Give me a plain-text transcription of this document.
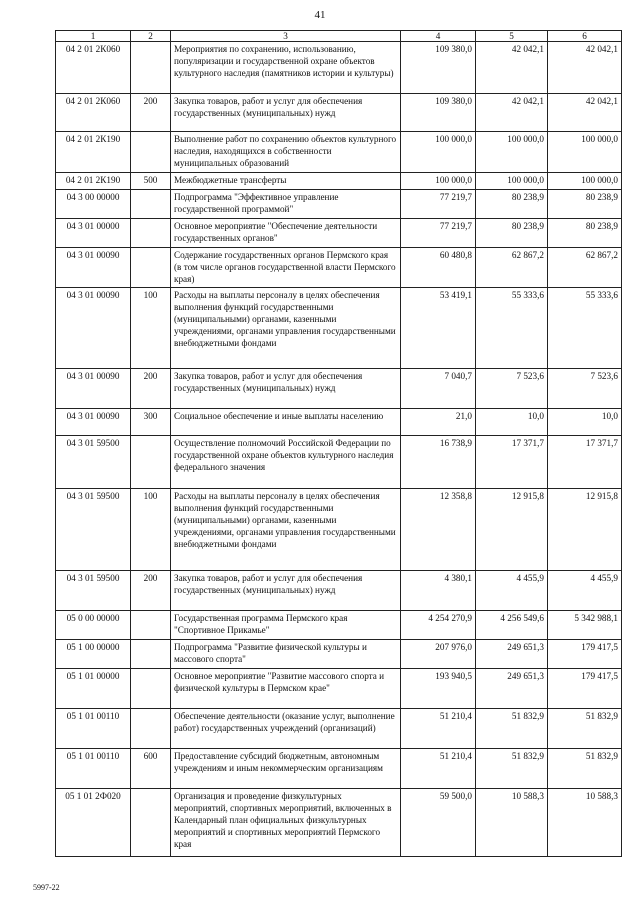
41
1	2	3	4	5	6
04 2 01 2К060		Мероприятия по сохранению, использованию, популяризации и государственной охране объектов культурного наследия (памятников истории и культуры)	109 380,0	42 042,1	42 042,1
04 2 01 2К060	200	Закупка товаров, работ и услуг для обеспечения государственных (муниципальных) нужд	109 380,0	42 042,1	42 042,1
04 2 01 2К190		Выполнение работ по сохранению объектов культурного наследия, находящихся в собственности муниципальных образований	100 000,0	100 000,0	100 000,0
04 2 01 2К190	500	Межбюджетные трансферты	100 000,0	100 000,0	100 000,0
04 3 00 00000		Подпрограмма "Эффективное управление государственной программой"	77 219,7	80 238,9	80 238,9
04 3 01 00000		Основное мероприятие "Обеспечение деятельности государственных органов"	77 219,7	80 238,9	80 238,9
04 3 01 00090		Содержание государственных органов Пермского края (в том числе органов государственной власти Пермского края)	60 480,8	62 867,2	62 867,2
04 3 01 00090	100	Расходы на выплаты персоналу в целях обеспечения выполнения функций государственными (муниципальными) органами, казенными учреждениями, органами управления государственными внебюджетными фондами	53 419,1	55 333,6	55 333,6
04 3 01 00090	200	Закупка товаров, работ и услуг для обеспечения государственных (муниципальных) нужд	7 040,7	7 523,6	7 523,6
04 3 01 00090	300	Социальное обеспечение и иные выплаты населению	21,0	10,0	10,0
04 3 01 59500		Осуществление полномочий Российской Федерации по государственной охране объектов культурного наследия федерального значения	16 738,9	17 371,7	17 371,7
04 3 01 59500	100	Расходы на выплаты персоналу в целях обеспечения выполнения функций государственными (муниципальными) органами, казенными учреждениями, органами управления государственными внебюджетными фондами	12 358,8	12 915,8	12 915,8
04 3 01 59500	200	Закупка товаров, работ и услуг для обеспечения государственных (муниципальных) нужд	4 380,1	4 455,9	4 455,9
05 0 00 00000		Государственная программа Пермского края "Спортивное Прикамье"	4 254 270,9	4 256 549,6	5 342 988,1
05 1 00 00000		Подпрограмма "Развитие физической культуры и массового спорта"	207 976,0	249 651,3	179 417,5
05 1 01 00000		Основное мероприятие "Развитие массового спорта и физической культуры в Пермском крае"	193 940,5	249 651,3	179 417,5
05 1 01 00110		Обеспечение деятельности (оказание услуг, выполнение работ) государственных учреждений (организаций)	51 210,4	51 832,9	51 832,9
05 1 01 00110	600	Предоставление субсидий бюджетным, автономным учреждениям и иным некоммерческим организациям	51 210,4	51 832,9	51 832,9
05 1 01 2Ф020		Организация и проведение физкультурных мероприятий, спортивных мероприятий, включенных в Календарный план официальных физкультурных мероприятий и спортивных мероприятий Пермского края	59 500,0	10 588,3	10 588,3
5997-22
